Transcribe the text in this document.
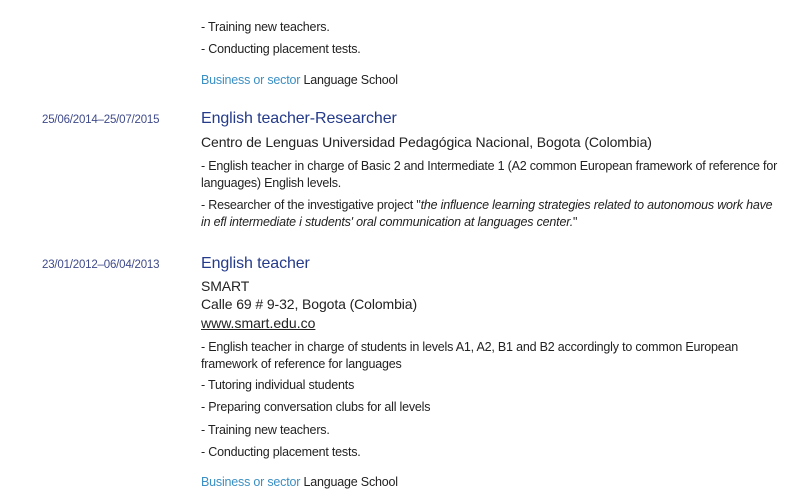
- Training new teachers.
- Conducting placement tests.
Business or sector Language School
25/06/2014–25/07/2015	English teacher-Researcher
Centro de Lenguas Universidad Pedagógica Nacional, Bogota (Colombia)
- English teacher in charge of Basic 2 and Intermediate 1 (A2 common European framework of reference for languages) English levels.
- Researcher of the investigative project "the influence learning strategies related to autonomous work have in efl intermediate i students' oral communication at languages center."
23/01/2012–06/04/2013	English teacher
SMART
Calle 69 # 9-32, Bogota (Colombia)
www.smart.edu.co
- English teacher in charge of students in levels A1, A2, B1 and B2 accordingly to common European framework of reference for languages
- Tutoring individual students
- Preparing conversation clubs for all levels
- Training new teachers.
- Conducting placement tests.
Business or sector Language School
